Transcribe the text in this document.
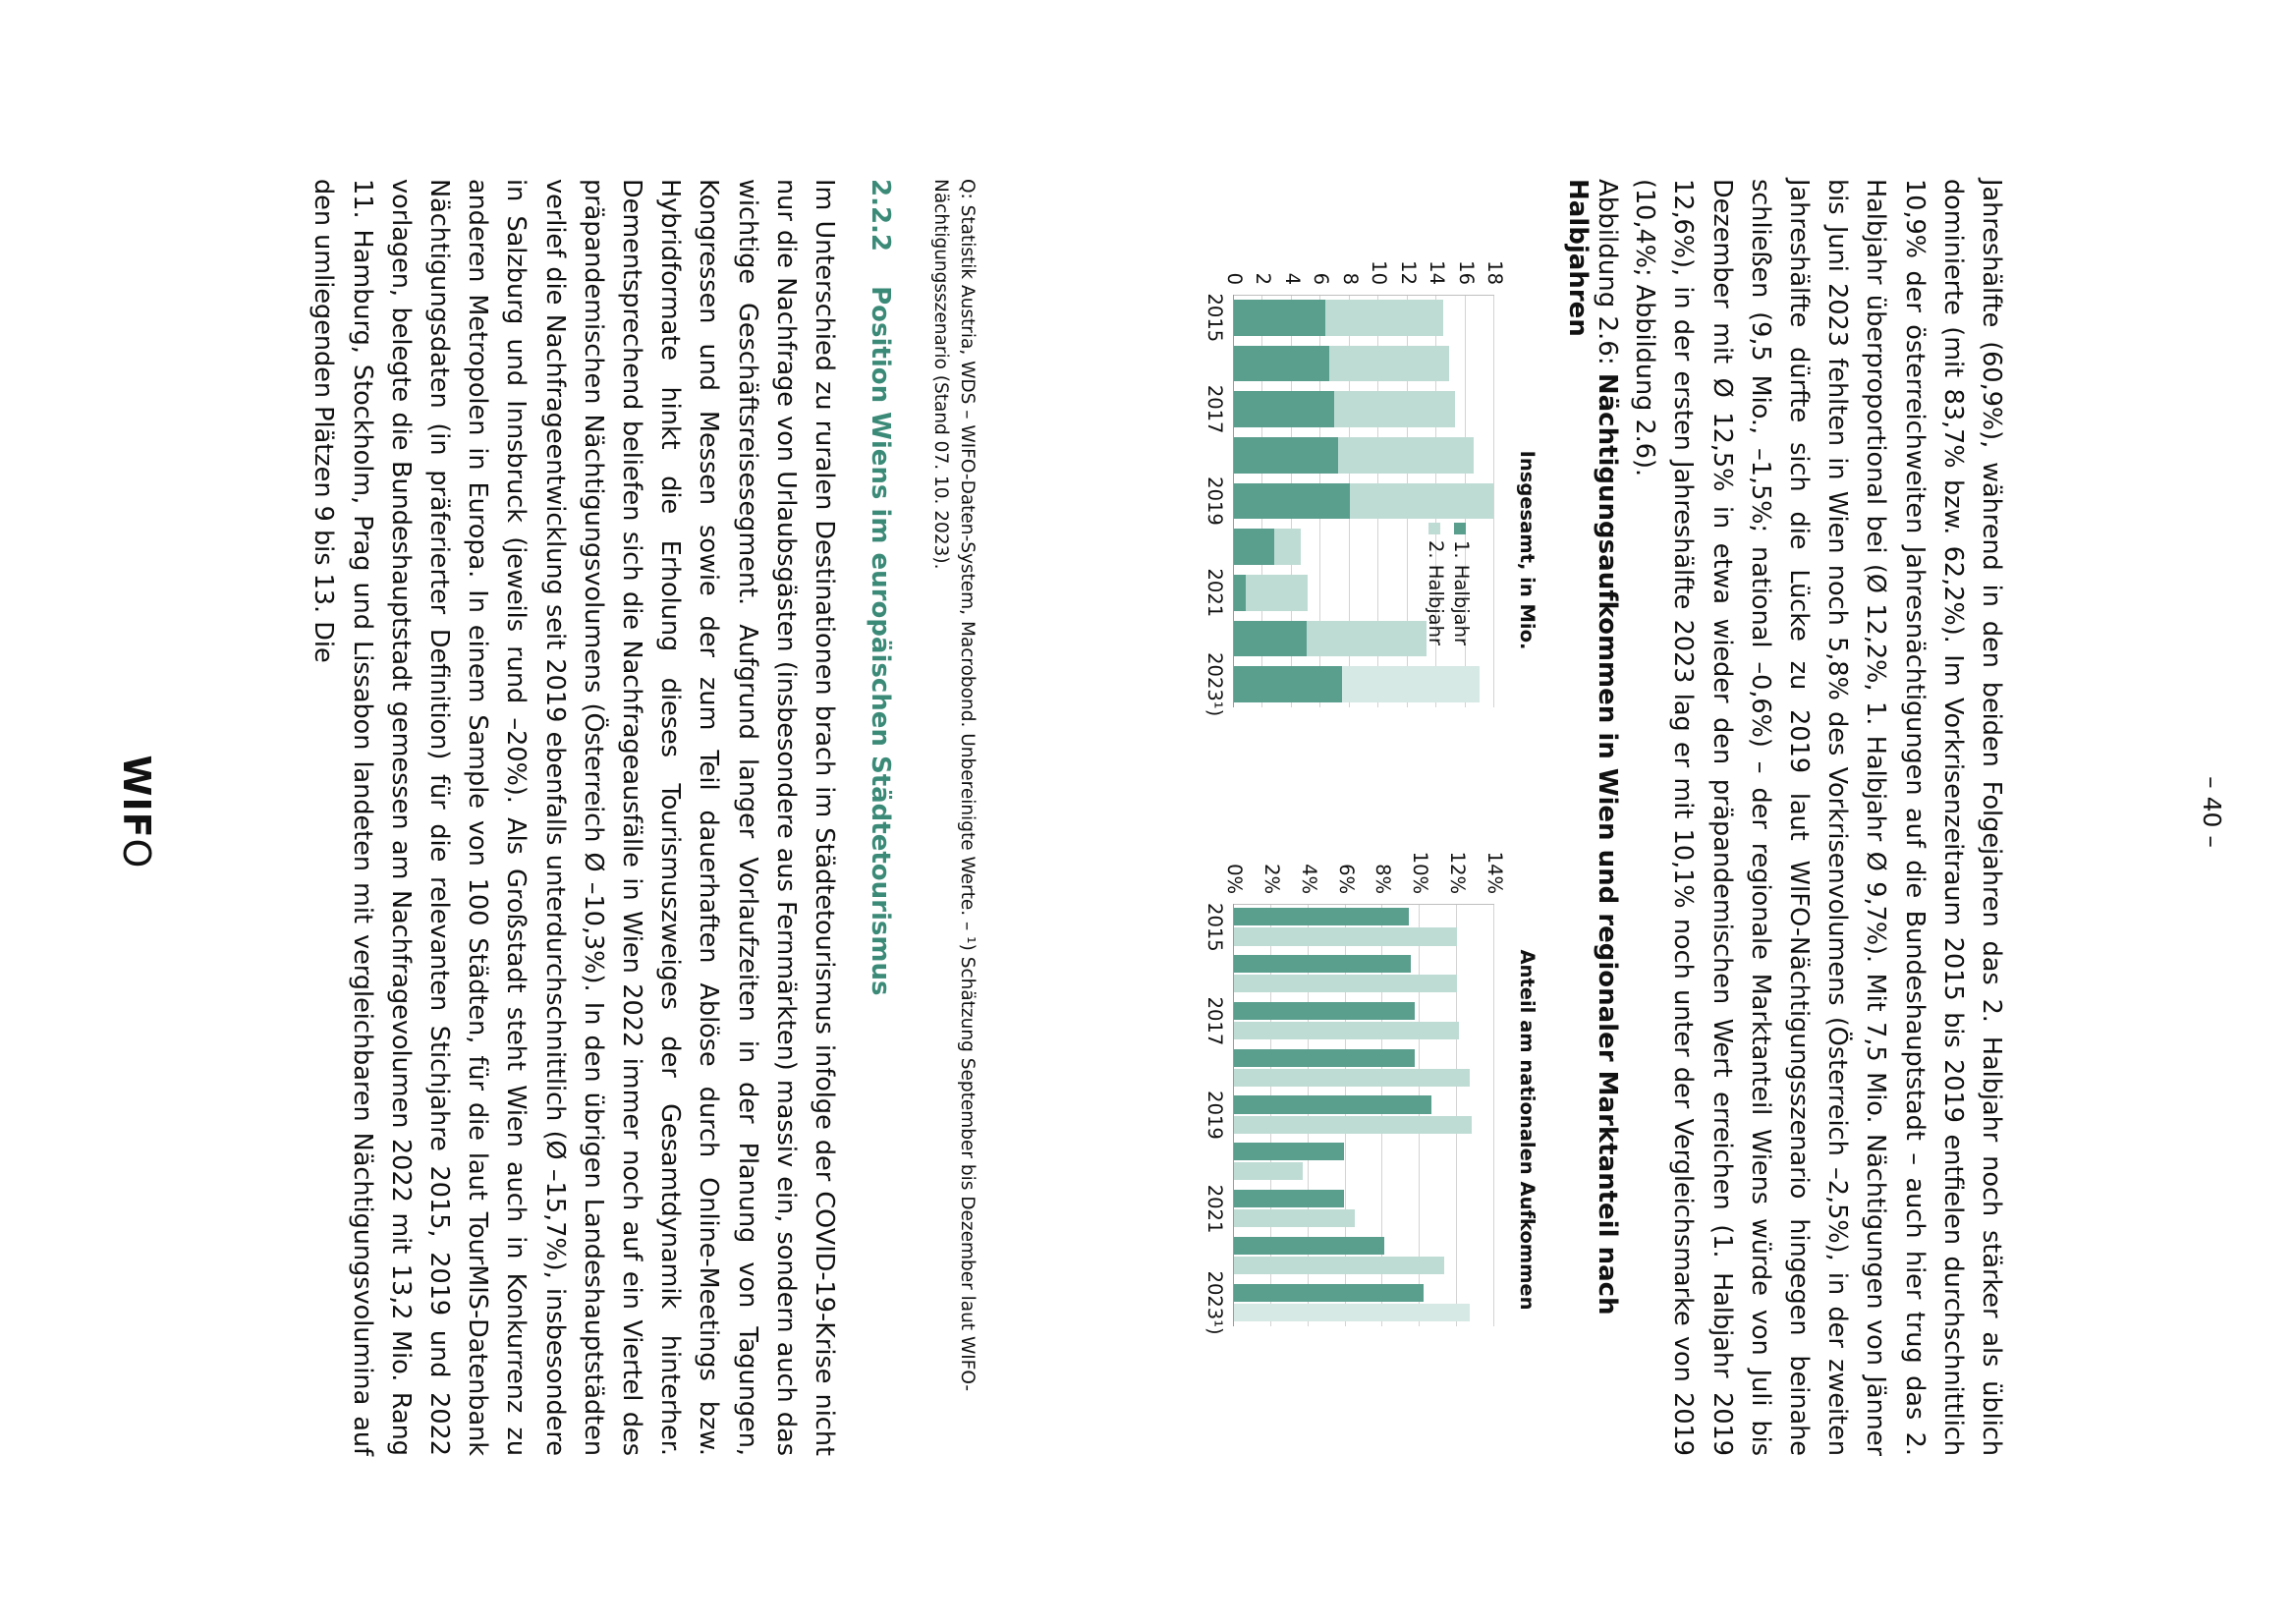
– 40 –

Jahreshälfte (60,9%), während in den beiden Folgejahren das 2. Halbjahr noch stärker als üblich dominierte (mit 83,7% bzw. 62,2%). Im Vorkrisenzeitraum 2015 bis 2019 entfielen durchschnittlich 10,9% der österreichweiten Jahresnächtigungen auf die Bundeshauptstadt – auch hier trug das 2. Halbjahr überproportional bei (Ø 12,2%, 1. Halbjahr Ø 9,7%). Mit 7,5 Mio. Nächtigungen von Jänner bis Juni 2023 fehlten in Wien noch 5,8% des Vorkrisenvolumens (Österreich –2,5%), in der zweiten Jahreshälfte dürfte sich die Lücke zu 2019 laut WIFO-Nächtigungsszenario hingegen beinahe schließen (9,5 Mio., –1,5%; national –0,6%) – der regionale Marktanteil Wiens würde von Juli bis Dezember mit Ø 12,5% in etwa wieder den präpandemischen Wert erreichen (1. Halbjahr 2019 12,6%), in der ersten Jahreshälfte 2023 lag er mit 10,1% noch unter der Vergleichsmarke von 2019 (10,4%; Abbildung 2.6).

Abbildung 2.6: Nächtigungsaufkommen in Wien und regionaler Marktanteil nach Halbjahren
Insgesamt, in Mio.
0 2 4 6 8 10 12 14 16 18
2015
2017
2019
2021
2023¹)
1. Halbjahr
2. Halbjahr
Anteil am nationalen Aufkommen
0% 2% 4% 6% 8% 10% 12% 14%
2015
2017
2019
2021
2023¹)
Q: Statistik Austria, WDS – WIFO-Daten-System, Macrobond. Unbereinigte Werte. – ¹) Schätzung September bis Dezember laut WIFO-Nächtigungsszenario (Stand 07. 10. 2023).
2.2.2 Position Wiens im europäischen Städtetourismus

Im Unterschied zu ruralen Destinationen brach im Städtetourismus infolge der COVID-19-Krise nicht nur die Nachfrage von Urlaubsgästen (insbesondere aus Fernmärkten) massiv ein, sondern auch das wichtige Geschäftsreisesegment. Aufgrund langer Vorlaufzeiten in der Planung von Tagungen, Kongressen und Messen sowie der zum Teil dauerhaften Ablöse durch Online-Meetings bzw. Hybridformate hinkt die Erholung dieses Tourismuszweiges der Gesamtdynamik hinterher. Dementsprechend beliefen sich die Nachfrageausfälle in Wien 2022 immer noch auf ein Viertel des präpandemischen Nächtigungsvolumens (Österreich Ø –10,3%). In den übrigen Landeshauptstädten verlief die Nachfrageentwicklung seit 2019 ebenfalls unterdurchschnittlich (Ø –15,7%), insbesondere in Salzburg und Innsbruck (jeweils rund –20%). Als Großstadt steht Wien auch in Konkurrenz zu anderen Metropolen in Europa. In einem Sample von 100 Städten, für die laut TourMIS-Datenbank Nächtigungsdaten (in präferierter Definition) für die relevanten Stichjahre 2015, 2019 und 2022 vorlagen, belegte die Bundeshauptstadt gemessen am Nachfragevolumen 2022 mit 13,2 Mio. Rang 11. Hamburg, Stockholm, Prag und Lissabon landeten mit vergleichbaren Nächtigungsvolumina auf den umliegenden Plätzen 9 bis 13. Die

WIFO
